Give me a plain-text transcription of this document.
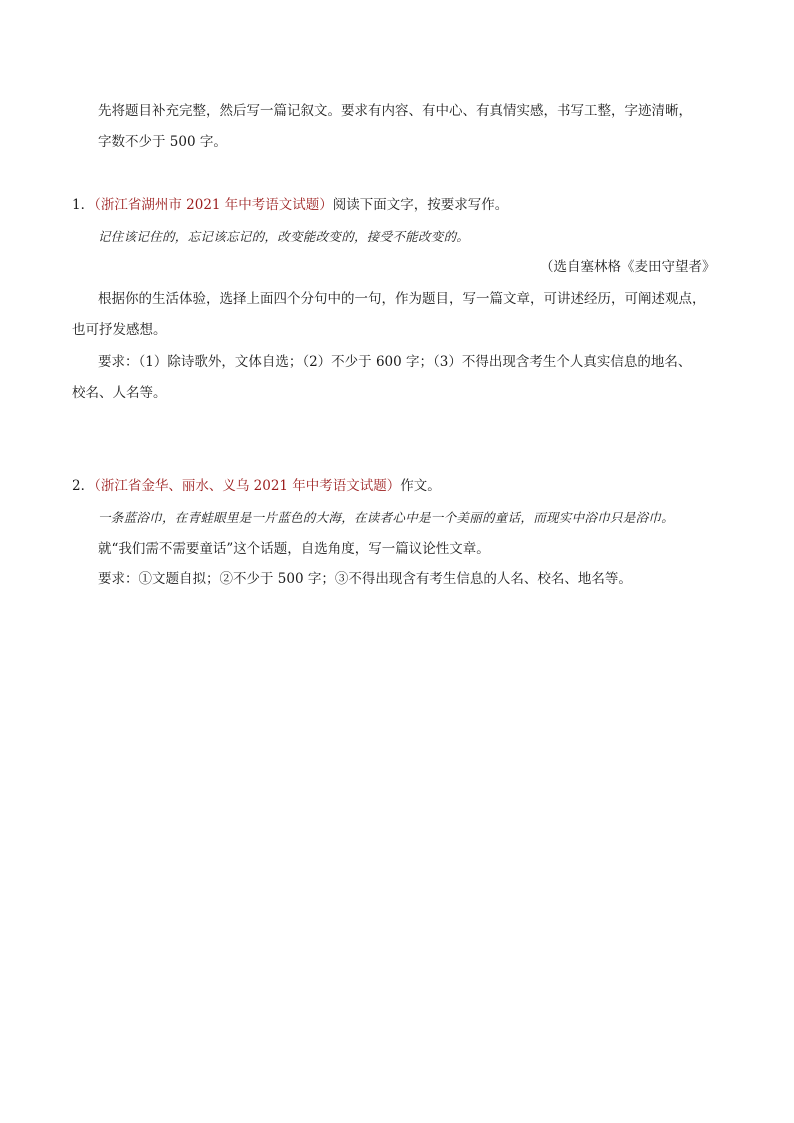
先将题目补充完整，然后写一篇记叙文。要求有内容、有中心、有真情实感，书写工整，字迹清晰，
字数不少于 500 字。
1．（浙江省湖州市 2021 年中考语文试题）阅读下面文字，按要求写作。
记住该记住的，忘记该忘记的，改变能改变的，接受不能改变的。
（选自塞林格《麦田守望者》
根据你的生活体验，选择上面四个分句中的一句，作为题目，写一篇文章，可讲述经历，可阐述观点，
也可抒发感想。
要求：（1）除诗歌外，文体自选；（2）不少于 600 字；（3）不得出现含考生个人真实信息的地名、
校名、人名等。
2．（浙江省金华、丽水、义乌 2021 年中考语文试题）作文。
一条蓝浴巾，在青蛙眼里是一片蓝色的大海，在读者心中是一个美丽的童话，而现实中浴巾只是浴巾。
就“我们需不需要童话”这个话题，自选角度，写一篇议论性文章。
要求：①文题自拟；②不少于 500 字；③不得出现含有考生信息的人名、校名、地名等。
